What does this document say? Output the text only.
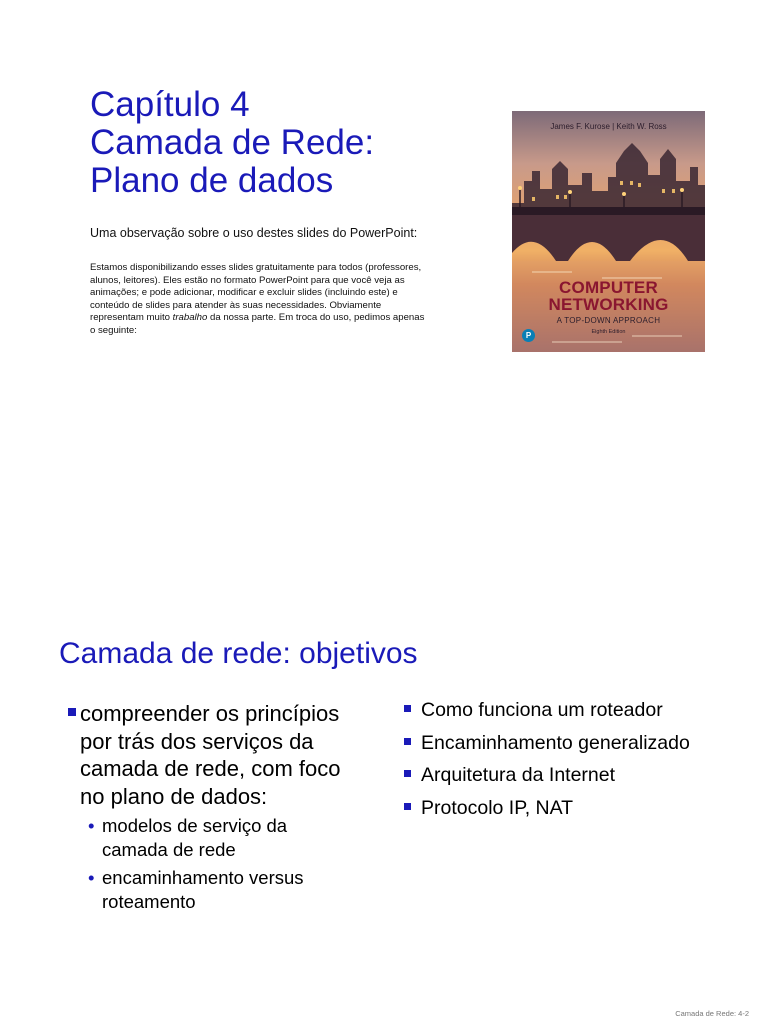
Capítulo 4
Camada de Rede:
Plano de dados

Uma observação sobre o uso destes slides do PowerPoint:

Estamos disponibilizando esses slides gratuitamente para todos (professores, alunos, leitores). Eles estão no formato PowerPoint para que você veja as animações; e pode adicionar, modificar e excluir slides (incluindo este) e conteúdo de slides para atender às suas necessidades. Obviamente representam muito trabalho da nossa parte. Em troca do uso, pedimos apenas o seguinte:

James F. Kurose | Keith W. Ross
COMPUTER
NETWORKING
A TOP-DOWN APPROACH
Eighth Edition
P
Camada de rede: objetivos
compreender os princípios por trás dos serviços da camada de rede, com foco no plano de dados:
• modelos de serviço da camada de rede
• encaminhamento versus roteamento
Como funciona um roteador
Encaminhamento generalizado
Arquitetura da Internet
Protocolo IP, NAT
Camada de Rede: 4-2
